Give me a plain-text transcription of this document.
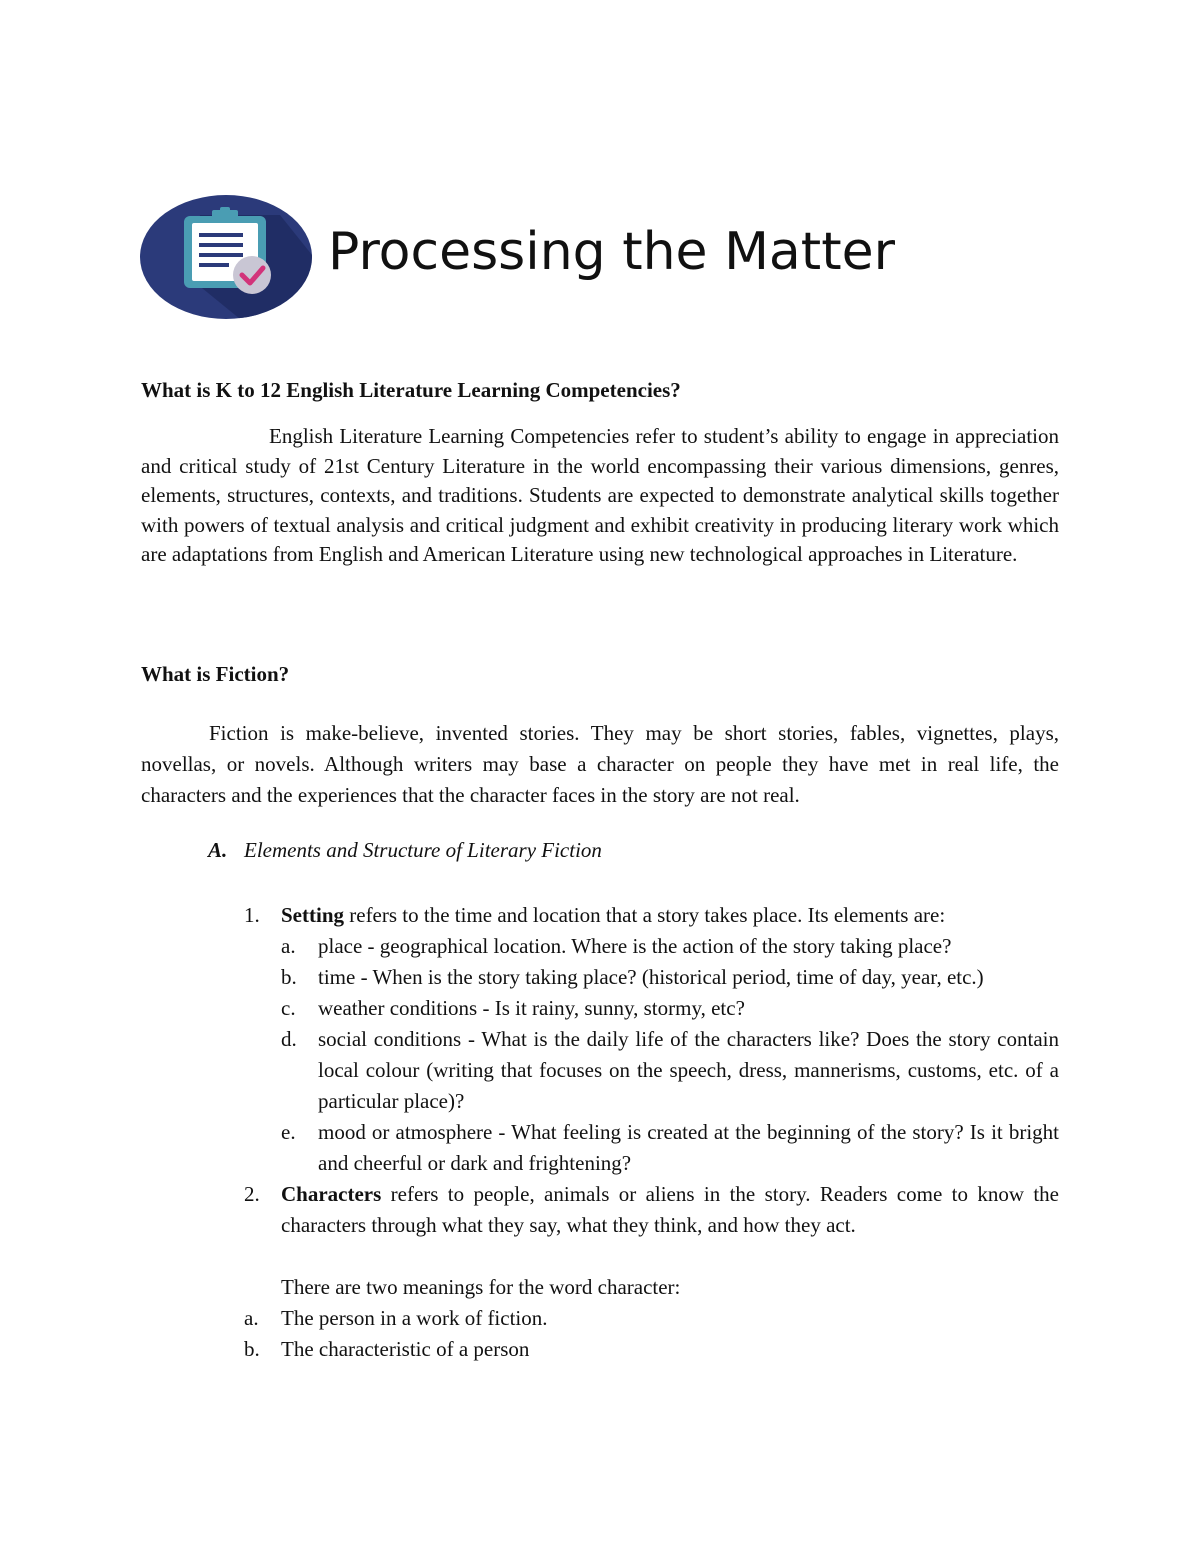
Processing the Matter
What is K to 12 English Literature Learning Competencies?

English Literature Learning Competencies refer to student’s ability to engage in appreciation and critical study of 21st Century Literature in the world encompassing their various dimensions, genres, elements, structures, contexts, and traditions. Students are expected to demonstrate analytical skills together with powers of textual analysis and critical judgment and exhibit creativity in producing literary work which are adaptations from English and American Literature using new technological approaches in Literature.

What is Fiction?

Fiction is make-believe, invented stories. They may be short stories, fables, vignettes, plays, novellas, or novels. Although writers may base a character on people they have met in real life, the characters and the experiences that the character faces in the story are not real.

A. Elements and Structure of Literary Fiction
1. Setting refers to the time and location that a story takes place. Its elements are:
a. place - geographical location. Where is the action of the story taking place?
b. time - When is the story taking place? (historical period, time of day, year, etc.)
c. weather conditions - Is it rainy, sunny, stormy, etc?
d. social conditions - What is the daily life of the characters like? Does the story contain local colour (writing that focuses on the speech, dress, mannerisms, customs, etc. of a particular place)?
e. mood or atmosphere - What feeling is created at the beginning of the story? Is it bright and cheerful or dark and frightening?
2. Characters refers to people, animals or aliens in the story. Readers come to know the characters through what they say, what they think, and how they act.
There are two meanings for the word character:
a. The person in a work of fiction.
b. The characteristic of a person
